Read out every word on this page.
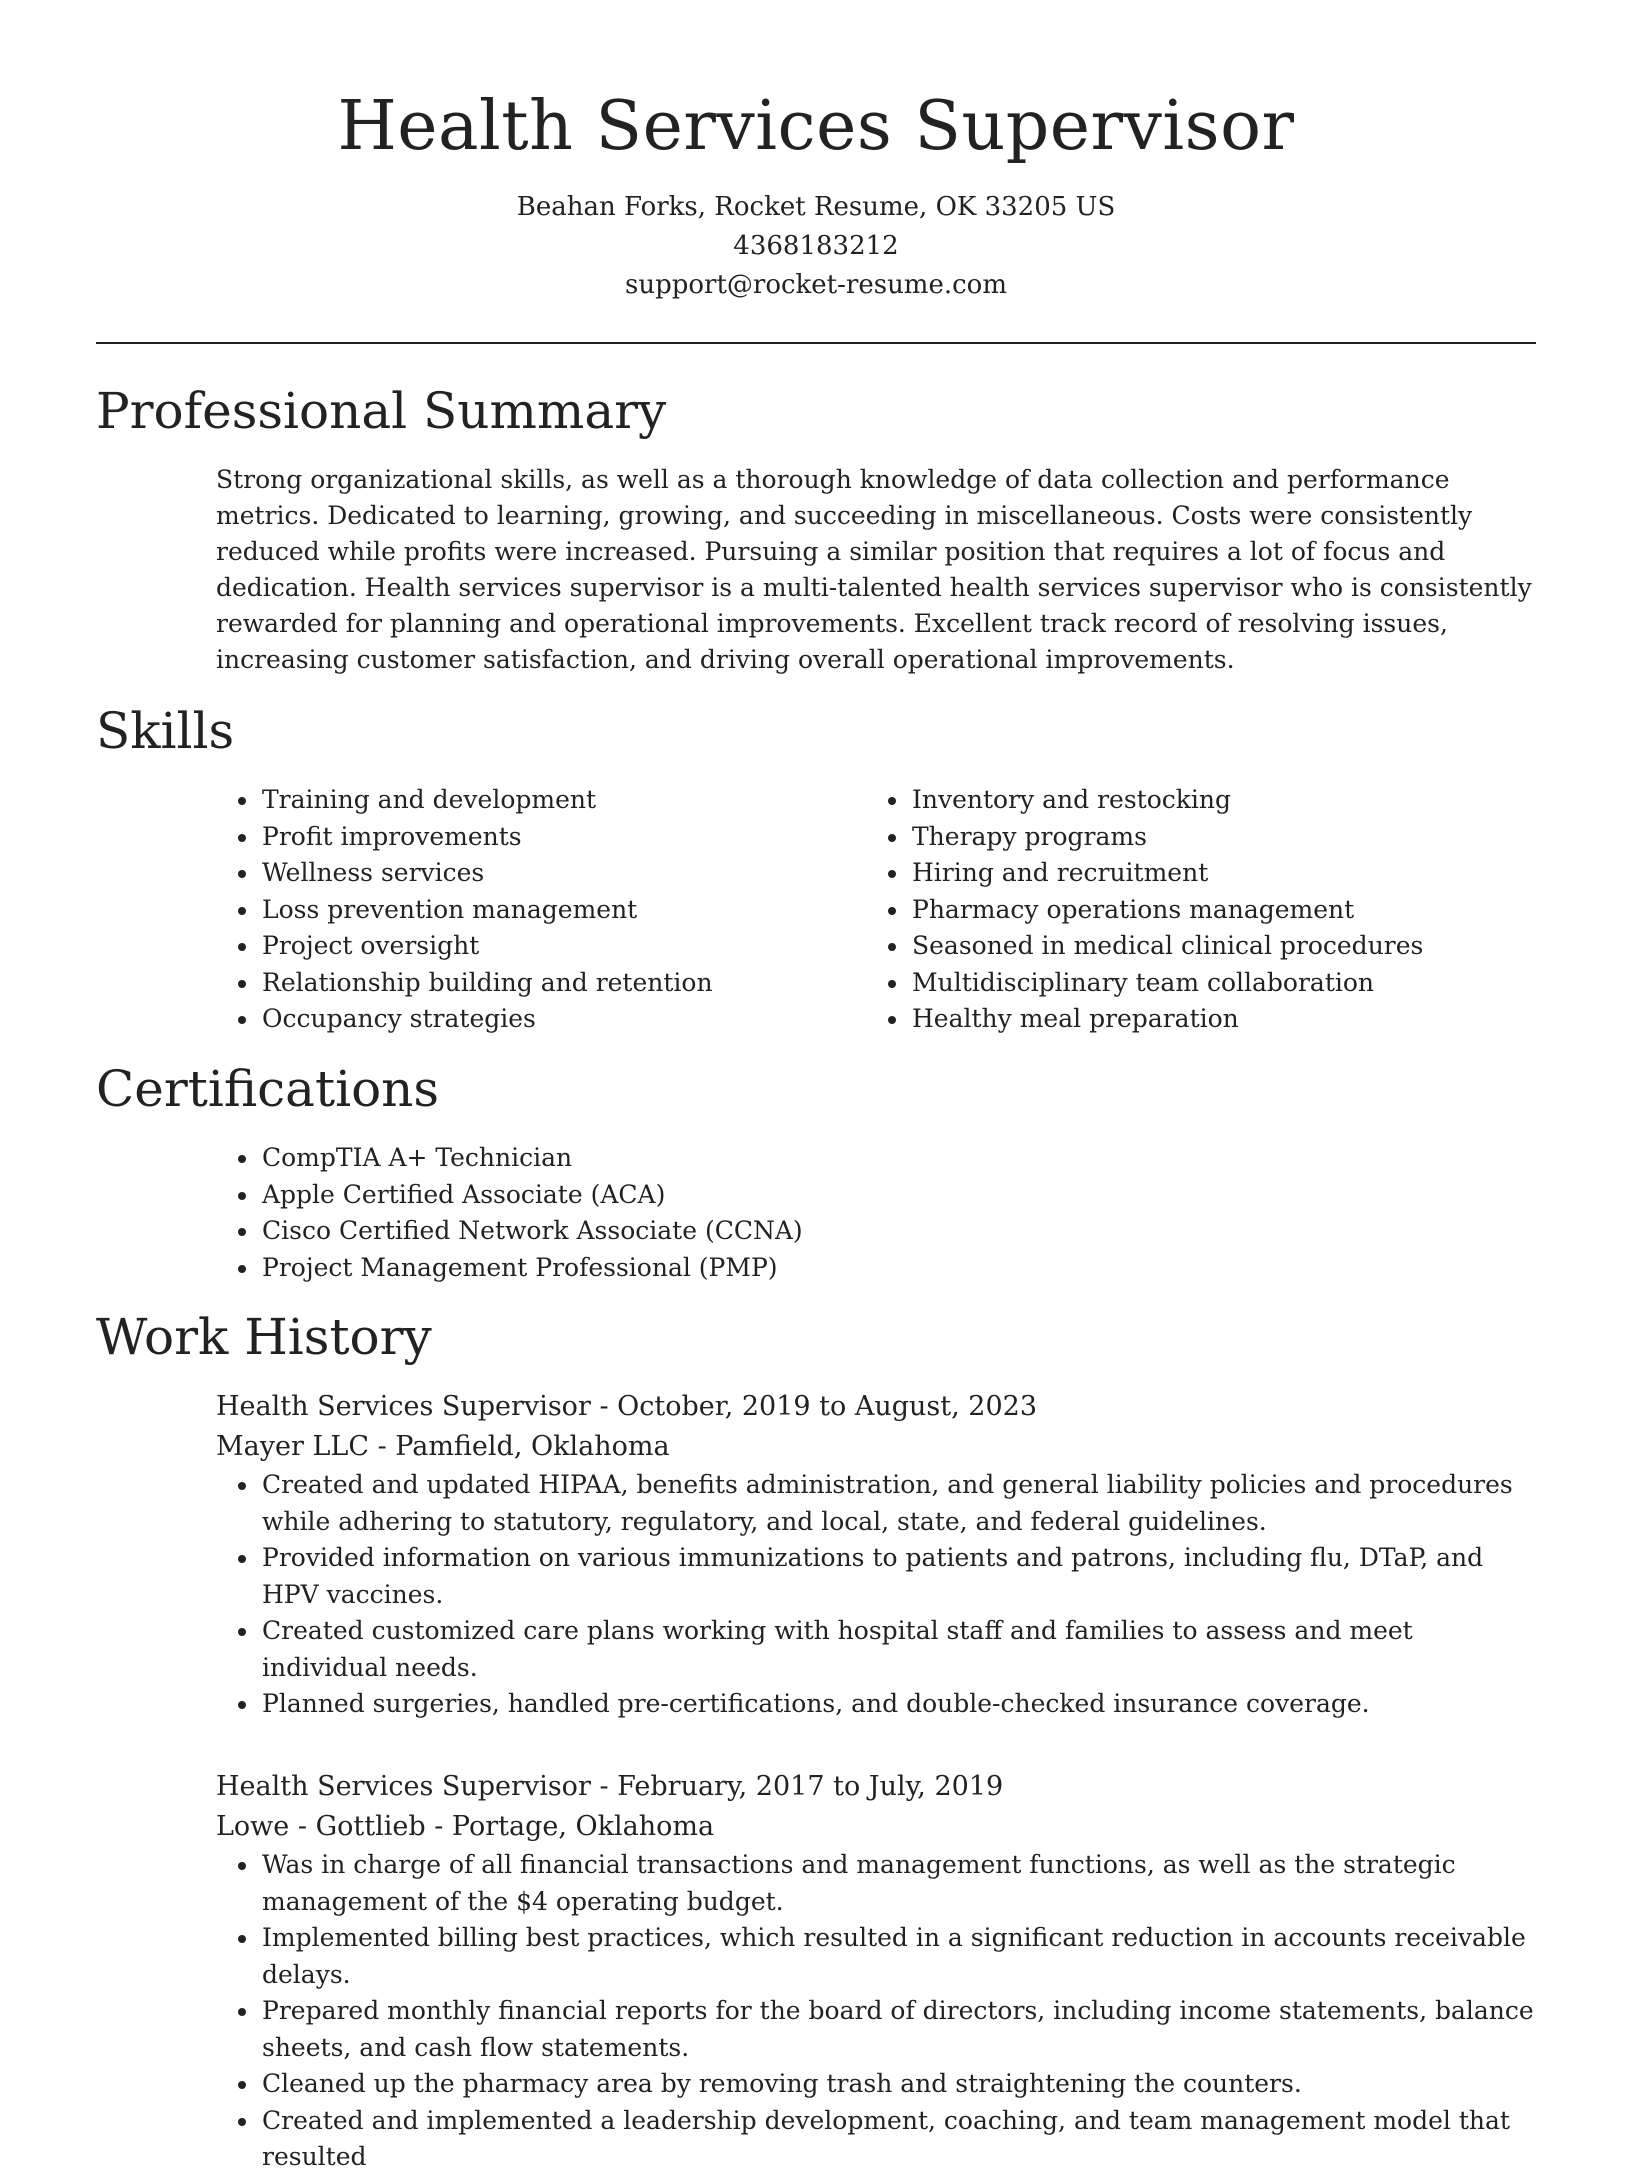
Health Services Supervisor
Beahan Forks, Rocket Resume, OK 33205 US
4368183212
support@rocket-resume.com
Professional Summary

Strong organizational skills, as well as a thorough knowledge of data collection and performance metrics. Dedicated to learning, growing, and succeeding in miscellaneous. Costs were consistently reduced while profits were increased. Pursuing a similar position that requires a lot of focus and dedication. Health services supervisor is a multi-talented health services supervisor who is consistently rewarded for planning and operational improvements. Excellent track record of resolving issues, increasing customer satisfaction, and driving overall operational improvements.

Skills
• Training and development
• Profit improvements
• Wellness services
• Loss prevention management
• Project oversight
• Relationship building and retention
• Occupancy strategies
• Inventory and restocking
• Therapy programs
• Hiring and recruitment
• Pharmacy operations management
• Seasoned in medical clinical procedures
• Multidisciplinary team collaboration
• Healthy meal preparation
Certifications
• CompTIA A+ Technician
• Apple Certified Associate (ACA)
• Cisco Certified Network Associate (CCNA)
• Project Management Professional (PMP)
Work History
Health Services Supervisor - October, 2019 to August, 2023
Mayer LLC - Pamfield, Oklahoma
• Created and updated HIPAA, benefits administration, and general liability policies and procedures while adhering to statutory, regulatory, and local, state, and federal guidelines.
• Provided information on various immunizations to patients and patrons, including flu, DTaP, and HPV vaccines.
• Created customized care plans working with hospital staff and families to assess and meet individual needs.
• Planned surgeries, handled pre-certifications, and double-checked insurance coverage.
Health Services Supervisor - February, 2017 to July, 2019
Lowe - Gottlieb - Portage, Oklahoma
• Was in charge of all financial transactions and management functions, as well as the strategic management of the $4 operating budget.
• Implemented billing best practices, which resulted in a significant reduction in accounts receivable delays.
• Prepared monthly financial reports for the board of directors, including income statements, balance sheets, and cash flow statements.
• Cleaned up the pharmacy area by removing trash and straightening the counters.
• Created and implemented a leadership development, coaching, and team management model that resulted
